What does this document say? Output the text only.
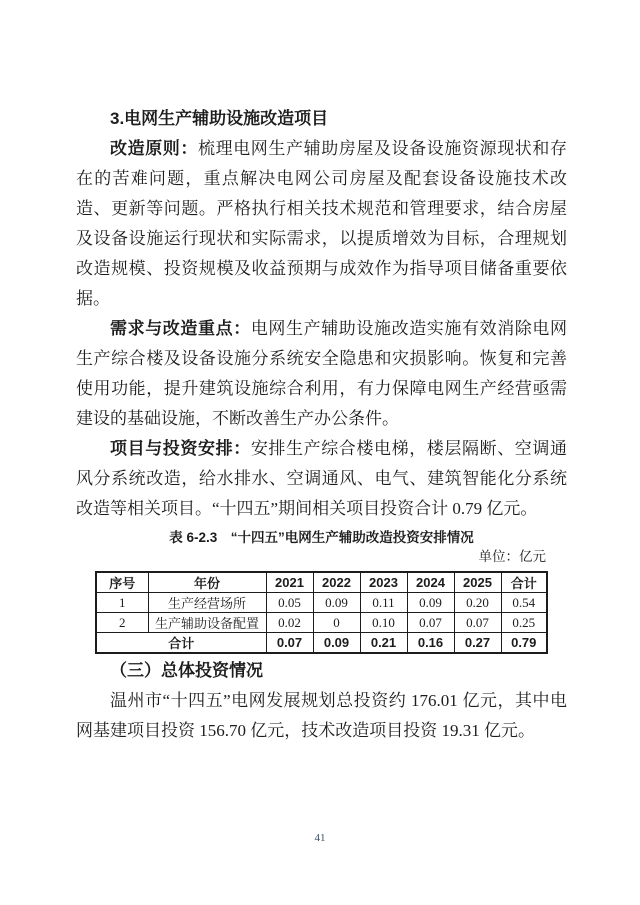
3.电网生产辅助设施改造项目

改造原则：梳理电网生产辅助房屋及设备设施资源现状和存在的苦难问题，重点解决电网公司房屋及配套设备设施技术改造、更新等问题。严格执行相关技术规范和管理要求，结合房屋及设备设施运行现状和实际需求，以提质增效为目标，合理规划改造规模、投资规模及收益预期与成效作为指导项目储备重要依据。

需求与改造重点：电网生产辅助设施改造实施有效消除电网生产综合楼及设备设施分系统安全隐患和灾损影响。恢复和完善使用功能，提升建筑设施综合利用，有力保障电网生产经营亟需建设的基础设施，不断改善生产办公条件。

项目与投资安排：安排生产综合楼电梯，楼层隔断、空调通风分系统改造，给水排水、空调通风、电气、建筑智能化分系统改造等相关项目。“十四五”期间相关项目投资合计 0.79 亿元。

表 6-2.3　“十四五”电网生产辅助改造投资安排情况
单位：亿元
序号	年份	2021	2022	2023	2024	2025	合计
1	生产经营场所	0.05	0.09	0.11	0.09	0.20	0.54
2	生产辅助设备配置	0.02	0	0.10	0.07	0.07	0.25
合计		0.07	0.09	0.21	0.16	0.27	0.79
（三）总体投资情况

温州市“十四五”电网发展规划总投资约 176.01 亿元，其中电网基建项目投资 156.70 亿元，技术改造项目投资 19.31 亿元。

41
